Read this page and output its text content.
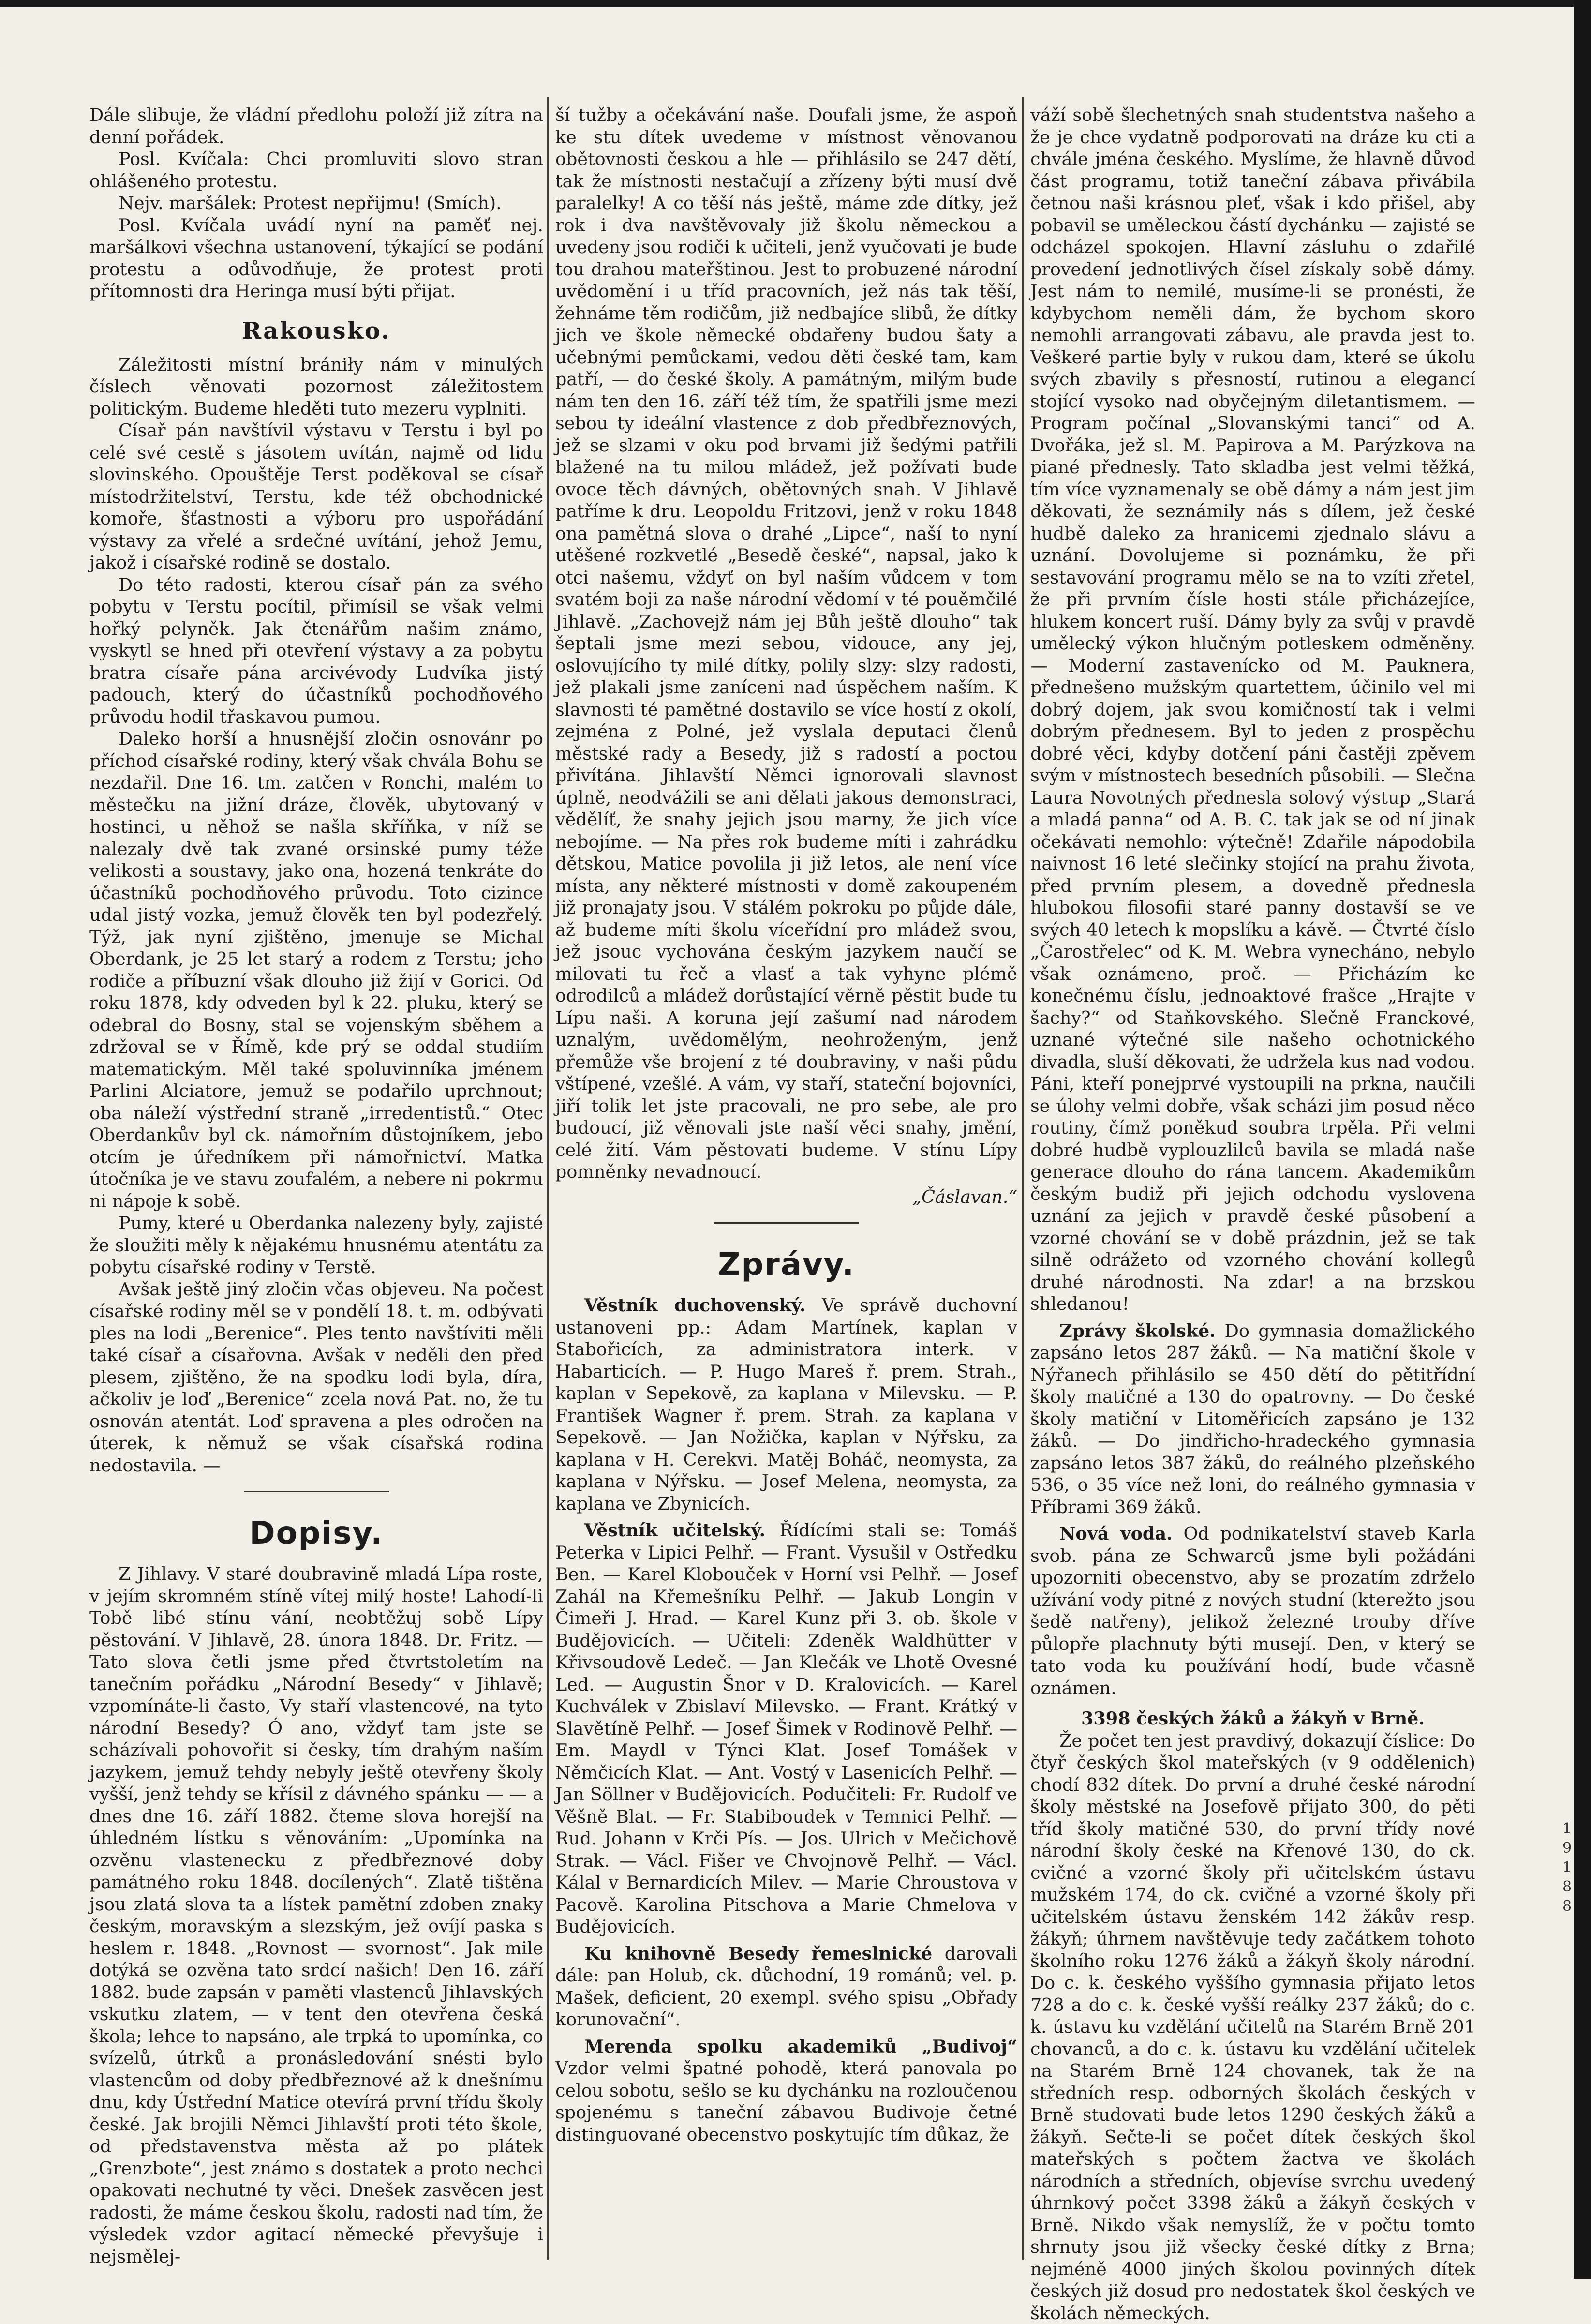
Dále slibuje, že vládní předlohu položí již zítra na denní pořádek.

Posl. Kvíčala: Chci promluviti slovo stran ohlášeného protestu.

Nejv. maršálek: Protest nepřijmu! (Smích).

Posl. Kvíčala uvádí nyní na paměť nej. maršálkovi všechna ustanovení, týkající se podání protestu a odůvodňuje, že protest proti přítomnosti dra Heringa musí býti přijat.

Rakousko.

Záležitosti místní brániły nám v minulých číslech věnovati pozornost záležitostem politickým. Budeme hleděti tuto mezeru vyplniti.

Císař pán navštívil výstavu v Terstu i byl po celé své cestě s jásotem uvítán, najmě od lidu slovinského. Opouštěje Terst poděkoval se císař místodržitelství, Terstu, kde též obchodnické komoře, šťastnosti a výboru pro uspořádání výstavy za vřelé a srdečné uvítání, jehož Jemu, jakož i císařské rodině se dostalo.

Do této radosti, kterou císař pán za svého pobytu v Terstu pocítil, přimísil se však velmi hořký pelyněk. Jak čtenářům našim známo, vyskytl se hned při otevření výstavy a za pobytu bratra císaře pána arcivévody Ludvíka jistý padouch, který do účastníků pochodňového průvodu hodil třaskavou pumou.

Daleko horší a hnusnější zločin osnovánr po příchod císařské rodiny, který však chvála Bohu se nezdařil. Dne 16. tm. zatčen v Ronchi, malém to městečku na jižní dráze, člověk, ubytovaný v hostinci, u něhož se našla skříňka, v níž se nalezaly dvě tak zvané orsinské pumy téže velikosti a soustavy, jako ona, hozená tenkráte do účastníků pochodňového průvodu. Toto cizince udal jistý vozka, jemuž člověk ten byl podezřelý. Týž, jak nyní zjištěno, jmenuje se Michal Oberdank, je 25 let starý a rodem z Terstu; jeho rodiče a příbuzní však dlouho již žijí v Gorici. Od roku 1878, kdy odveden byl k 22. pluku, který se odebral do Bosny, stal se vojenským sběhem a zdržoval se v Římě, kde prý se oddal studiím matematickým. Měl také spoluvinníka jménem Parlini Alciatore, jemuž se podařilo uprchnout; oba náleží výstřední straně „irredentistů.“ Otec Oberdankův byl ck. námořním důstojníkem, jebo otcím je úředníkem při námořnictví. Matka útočníka je ve stavu zoufalém, a nebere ni pokrmu ni nápoje k sobě.

Pumy, které u Oberdanka nalezeny byly, zajisté že sloužiti měly k nějakému hnusnému atentátu za pobytu císařské rodiny v Terstě.

Avšak ještě jiný zločin včas objeveu. Na počest císařské rodiny měl se v pondělí 18. t. m. odbývati ples na lodi „Berenice“. Ples tento navštíviti měli také císař a císařovna. Avšak v neděli den před plesem, zjištěno, že na spodku lodi byla, díra, ačkoliv je loď „Berenice“ zcela nová Pat. no, že tu osnován atentát. Loď spravena a ples odročen na úterek, k němuž se však císařská rodina nedostavila. —

Dopisy.

Z Jihlavy. V staré doubravině mladá Lípa roste, v jejím skromném stíně vítej milý hoste! Lahodí-li Tobě libé stínu vání, neobtěžuj sobě Lípy pěstování. V Jihlavě, 28. února 1848. Dr. Fritz. — Tato slova četli jsme před čtvrtstoletím na tanečním pořádku „Národní Besedy“ v Jihlavě; vzpomínáte-li často, Vy staří vlastencové, na tyto národní Besedy? Ó ano, vždyť tam jste se scházívali pohovořit si česky, tím drahým naším jazykem, jemuž tehdy nebyly ještě otevřeny školy vyšší, jenž tehdy se křísil z dávného spánku — — a dnes dne 16. září 1882. čteme slova horejší na úhledném lístku s věnováním: „Upomínka na ozvěnu vlastenecku z předbřeznové doby památného roku 1848. docílených“. Zlatě tištěna jsou zlatá slova ta a lístek pamětní zdoben znaky českým, moravským a slezským, jež ovíjí paska s heslem r. 1848. „Rovnost — svornost“. Jak mile dotýká se ozvěna tato srdcí našich! Den 16. září 1882. bude zapsán v paměti vlastenců Jihlavských vskutku zlatem, — v tent den otevřena česká škola; lehce to napsáno, ale trpká to upomínka, co svízelů, útrků a pronásledování snésti bylo vlastencům od doby předbřeznové až k dnešnímu dnu, kdy Ústřední Matice otevírá první třídu školy české. Jak brojili Němci Jihlavští proti této škole, od představenstva města až po plátek „Grenzbote“, jest známo s dostatek a proto nechci opakovati nechutné ty věci. Dnešek zasvěcen jest radosti, že máme českou školu, radosti nad tím, že výsledek vzdor agitací německé převyšuje i nejsmělej-

ší tužby a očekávání naše. Doufali jsme, že aspoň ke stu dítek uvedeme v místnost věnovanou obětovnosti českou a hle — přihlásilo se 247 dětí, tak že místnosti nestačují a zřízeny býti musí dvě paralelky! A co těší nás ještě, máme zde dítky, jež rok i dva navštěvovaly již školu německou a uvedeny jsou rodiči k učiteli, jenž vyučovati je bude tou drahou mateřštinou. Jest to probuzené národní uvědomění i u tříd pracovních, jež nás tak těší, žehnáme těm rodičům, již nedbajíce slibů, že dítky jich ve škole německé obdařeny budou šaty a učebnými pemůckami, vedou děti české tam, kam patří, — do české školy. A památným, milým bude nám ten den 16. září též tím, že spatřili jsme mezi sebou ty ideální vlastence z dob předbřeznových, jež se slzami v oku pod brvami již šedými patřili blažené na tu milou mládež, jež požívati bude ovoce těch dávných, obětovných snah. V Jihlavě patříme k dru. Leopoldu Fritzovi, jenž v roku 1848 ona pamětná slova o drahé „Lipce“, naší to nyní utěšené rozkvetlé „Besedě české“, napsal, jako k otci našemu, vždyť on byl naším vůdcem v tom svatém boji za naše národní vědomí v té pouěmčilé Jihlavě. „Zachovejž nám jej Bůh ještě dlouho“ tak šeptali jsme mezi sebou, vidouce, any jej, oslovujícího ty milé dítky, polily slzy: slzy radosti, jež plakali jsme zaníceni nad úspěchem naším. K slavnosti té pamětné dostavilo se více hostí z okolí, zejména z Polné, jež vyslala deputaci členů městské rady a Besedy, již s radostí a poctou přivítána. Jihlavští Němci ignorovali slavnost úplně, neodvážili se ani dělati jakous demonstraci, vědělíť, že snahy jejich jsou marny, že jich více nebojíme. — Na přes rok budeme míti i zahrádku dětskou, Matice povolila ji již letos, ale není více místa, any některé místnosti v domě zakoupeném již pronajaty jsou. V stálém pokroku po půjde dále, až budeme míti školu víceřídní pro mládež svou, jež jsouc vychována českým jazykem naučí se milovati tu řeč a vlasť a tak vyhyne plémě odrodilců a mládež dorůstající věrně pěstit bude tu Lípu naši. A koruna její zašumí nad národem uznalým, uvědomělým, neohroženým, jenž přemůže vše brojení z té doubraviny, v naši půdu vštípené, vzešlé. A vám, vy staří, stateční bojovníci, jiří tolik let jste pracovali, ne pro sebe, ale pro budoucí, již věnovali jste naší věci snahy, jmění, celé žití. Vám pěstovati budeme. V stínu Lípy pomněnky nevadnoucí.

„Čáslavan.“

Zprávy.

Věstník duchovenský. Ve správě duchovní ustanoveni pp.: Adam Martínek, kaplan v Stabořicích, za administratora interk. v Habarticích. — P. Hugo Mareš ř. prem. Strah., kaplan v Sepekově, za kaplana v Milevsku. — P. František Wagner ř. prem. Strah. za kaplana v Sepekově. — Jan Nožička, kaplan v Nýřsku, za kaplana v H. Cerekvi. Matěj Boháč, neomysta, za kaplana v Nýřsku. — Josef Melena, neomysta, za kaplana ve Zbynicích.

Věstník učitelský. Řídícími stali se: Tomáš Peterka v Lipici Pelhř. — Frant. Vysušil v Ostředku Ben. — Karel Klobouček v Horní vsi Pelhř. — Josef Zahál na Křemešníku Pelhř. — Jakub Longin v Čimeři J. Hrad. — Karel Kunz při 3. ob. škole v Budějovicích. — Učiteli: Zdeněk Waldhütter v Křivsoudově Ledeč. — Jan Klečák ve Lhotě Ovesné Led. — Augustin Šnor v D. Kralovicích. — Karel Kuchválek v Zbislaví Milevsko. — Frant. Krátký v Slavětíně Pelhř. — Josef Šimek v Rodinově Pelhř. — Em. Maydl v Týnci Klat. Josef Tomášek v Němčicích Klat. — Ant. Vostý v Lasenicích Pelhř. — Jan Söllner v Budějovicích. Podučiteli: Fr. Rudolf ve Věšně Blat. — Fr. Stabiboudek v Temnici Pelhř. — Rud. Johann v Krči Pís. — Jos. Ulrich v Mečichově Strak. — Václ. Fišer ve Chvojnově Pelhř. — Václ. Kálal v Bernardicích Milev. — Marie Chroustova v Pacově. Karolina Pitschova a Marie Chmelova v Budějovicích.

Ku knihovně Besedy řemeslnické darovali dále: pan Holub, ck. důchodní, 19 románů; vel. p. Mašek, deficient, 20 exempl. svého spisu „Obřady korunovační“.

Merenda spolku akademiků „Budivoj“ Vzdor velmi špatné pohodě, která panovala po celou sobotu, sešlo se ku dychánku na rozloučenou spojenému s taneční zábavou Budivoje četné distinguované obecenstvo poskytujíc tím důkaz, že

váží sobě šlechetných snah studentstva našeho a že je chce vydatně podporovati na dráze ku cti a chvále jména českého. Myslíme, že hlavně důvod část programu, totiž taneční zábava přivábila četnou naši krásnou pleť, však i kdo přišel, aby pobavil se uměleckou částí dychánku — zajisté se odcházel spokojen. Hlavní zásluhu o zdařilé provedení jednotlivých čísel získaly sobě dámy. Jest nám to nemilé, musíme-li se pronésti, že kdybychom neměli dám, že bychom skoro nemohli arrangovati zábavu, ale pravda jest to. Veškeré partie byly v rukou dam, které se úkolu svých zbavily s přesností, rutinou a elegancí stojící vysoko nad obyčejným diletantismem. — Program počínal „Slovanskými tanci“ od A. Dvořáka, jež sl. M. Papirova a M. Parýzkova na piané přednesly. Tato skladba jest velmi těžká, tím více vyznamenaly se obě dámy a nám jest jim děkovati, že seznámily nás s dílem, jež české hudbě daleko za hranicemi zjednalo slávu a uznání. Dovolujeme si poznámku, že při sestavování programu mělo se na to vzíti zřetel, že při prvním čísle hosti stále přicházejíce, hlukem koncert ruší. Dámy byly za svůj v pravdě umělecký výkon hlučným potleskem odměněny. — Moderní zastavenícko od M. Pauknera, přednešeno mužským quartettem, účinilo vel mi dobrý dojem, jak svou komičností tak i velmi dobrým přednesem. Byl to jeden z prospěchu dobré věci, kdyby dotčení páni častěji zpěvem svým v místnostech besedních působili. — Slečna Laura Novotných přednesla solový výstup „Stará a mladá panna“ od A. B. C. tak jak se od ní jinak očekávati nemohlo: výtečně! Zdařile nápodobila naivnost 16 leté slečinky stojící na prahu života, před prvním plesem, a dovedně přednesla hlubokou filosofii staré panny dostavší se ve svých 40 letech k mopslíku a kávě. — Čtvrté číslo „Čarostřelec“ od K. M. Webra vynecháno, nebylo však oznámeno, proč. — Přicházím ke konečnému číslu, jednoaktové frašce „Hrajte v šachy?“ od Staňkovského. Slečně Franckové, uznané výtečné sile našeho ochotnického divadla, sluší děkovati, že udržela kus nad vodou. Páni, kteří ponejprvé vystoupili na prkna, naučili se úlohy velmi dobře, však scházi jim posud něco routiny, čímž poněkud soubra trpěla. Při velmi dobré hudbě vyplouzlilců bavila se mladá naše generace dlouho do rána tancem. Akademikům českým budiž při jejich odchodu vyslovena uznání za jejich v pravdě české působení a vzorné chování se v době prázdnin, jež se tak silně odrážeto od vzorného chování kollegů druhé národnosti. Na zdar! a na brzskou shledanou!

Zprávy školské. Do gymnasia domažlického zapsáno letos 287 žáků. — Na matiční škole v Nýřanech přihlásilo se 450 dětí do pětitřídní školy matičné a 130 do opatrovny. — Do české školy matiční v Litoměřicích zapsáno je 132 žáků. — Do jindřicho-hradeckého gymnasia zapsáno letos 387 žáků, do reálného plzeňského 536, o 35 více než loni, do reálného gymnasia v Příbrami 369 žáků.

Nová voda. Od podnikatelství staveb Karla svob. pána ze Schwarců jsme byli požádáni upozorniti obecenstvo, aby se prozatím zdrželo užívání vody pitné z nových studní (kterežto jsou šedě natřeny), jelikož železné trouby dříve půlopře plachnuty býti musejí. Den, v který se tato voda ku používání hodí, bude včasně oznámen.

3398 českých žáků a žákyň v Brně.

Že počet ten jest pravdivý, dokazují číslice: Do čtyř českých škol mateřských (v 9 oddělenich) chodí 832 dítek. Do první a druhé české národní školy městské na Josefově přijato 300, do pěti tříd školy matičné 530, do první třídy nové národní školy české na Křenové 130, do ck. cvičné a vzorné školy při učitelském ústavu mužském 174, do ck. cvičné a vzorné školy při učitelském ústavu ženském 142 žákův resp. žákyň; úhrnem navštěvuje tedy začátkem tohoto školního roku 1276 žáků a žákyň školy národní. Do c. k. českého vyššího gymnasia přijato letos 728 a do c. k. české vyšší reálky 237 žáků; do c. k. ústavu ku vzdělání učitelů na Starém Brně 201 chovanců, a do c. k. ústavu ku vzdělání učitelek na Starém Brně 124 chovanek, tak že na středních resp. odborných školách českých v Brně studovati bude letos 1290 českých žáků a žákyň. Sečte-li se počet dítek českých škol mateřských s počtem žactva ve školách národních a středních, objevíse svrchu uvedený úhrnkový počet 3398 žáků a žákyň českých v Brně. Nikdo však nemyslíž, že v počtu tomto shrnuty jsou již všecky české dítky z Brna; nejméně 4000 jiných školou povinných dítek českých již dosud pro nedostatek škol českých ve školách německých.

1 9 1 8 8
